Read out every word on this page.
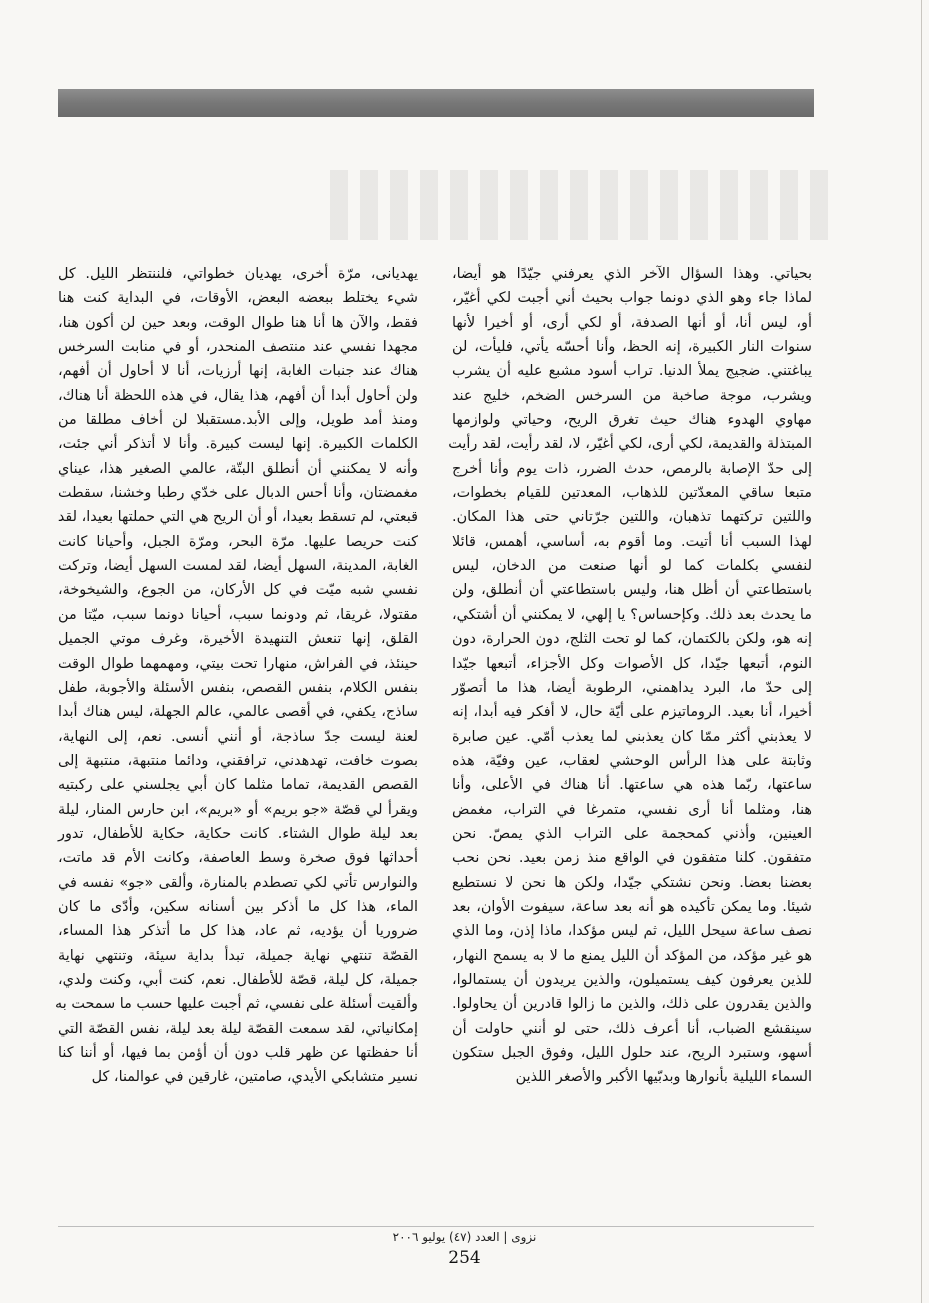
بحياتي. وهذا السؤال الآخر الذي يعرفني جيّدًا هو أيضا،
لماذا جاء وهو الذي دونما جواب بحيث أني أجبت لكي أغيّر،
أو، ليس أنا، أو أنها الصدفة، أو لكي أرى، أو أخيرا لأنها
سنوات النار الكبيرة، إنه الحظ، وأنا أحسّه يأتي، فليأت، لن
يباغتني. ضجيج يملأ الدنيا. تراب أسود مشبع عليه أن يشرب
ويشرب، موجة صاخبة من السرخس الضخم، خليج عند
مهاوي الهدوء هناك حيث تغرق الريح، وحياتي ولوازمها
المبتذلة والقديمة، لكي أرى، لكي أغيّر، لا، لقد رأيت، لقد رأيت
إلى حدّ الإصابة بالرمص، حدث الضرر، ذات يوم وأنا أخرج
متبعا ساقي المعدّتين للذهاب، المعدتين للقيام بخطوات،
واللتين تركتهما تذهبان، واللتين جرّتاني حتى هذا المكان.
لهذا السبب أنا أتيت. وما أقوم به، أساسي، أهمس، قائلا
لنفسي بكلمات كما لو أنها صنعت من الدخان، ليس
باستطاعتي أن أظل هنا، وليس باستطاعتي أن أنطلق، ولن
ما يحدث بعد ذلك. وكإحساس؟ يا إلهي، لا يمكنني أن أشتكي،
إنه هو، ولكن بالكتمان، كما لو تحت الثلج، دون الحرارة، دون
النوم، أتبعها جيّدا، كل الأصوات وكل الأجزاء، أتبعها جيّدا
إلى حدّ ما، البرد يداهمني، الرطوبة أيضا، هذا ما أتصوّر
أخيرا، أنا بعيد. الروماتيزم على أيّة حال، لا أفكر فيه أبدا، إنه
لا يعذبني أكثر ممّا كان يعذبني لما يعذب أمّي. عين صابرة
وثابتة على هذا الرأس الوحشي لعقاب، عين وفيّة، هذه
ساعتها، ربّما هذه هي ساعتها. أنا هناك في الأعلى، وأنا
هنا، ومثلما أنا أرى نفسي، متمرغا في التراب، مغمض
العينين، وأذني كمحجمة على التراب الذي يمصّ. نحن
متفقون. كلنا متفقون في الواقع منذ زمن بعيد. نحن نحب
بعضنا بعضا. ونحن نشتكي جيّدا، ولكن ها نحن لا نستطيع
شيئا. وما يمكن تأكيده هو أنه بعد ساعة، سيفوت الأوان، بعد
نصف ساعة سيحل الليل، ثم ليس مؤكدا، ماذا إذن، وما الذي
هو غير مؤكد، من المؤكد أن الليل يمنع ما لا به يسمح النهار،
للذين يعرفون كيف يستميلون، والذين يريدون أن يستمالوا،
والذين يقدرون على ذلك، والذين ما زالوا قادرين أن يحاولوا.
سينقشع الضباب، أنا أعرف ذلك، حتى لو أنني حاولت أن
أسهو، وستبرد الريح، عند حلول الليل، وفوق الجبل ستكون
السماء الليلية بأنوارها وبدبّيها الأكبر والأصغر اللذين
يهديانى، مرّة أخرى، يهديان خطواتي، فلننتظر الليل. كل
شيء يختلط ببعضه البعض، الأوقات، في البداية كنت هنا
فقط، والآن ها أنا هنا طوال الوقت، وبعد حين لن أكون هنا،
مجهدا نفسي عند منتصف المنحدر، أو في منابت السرخس
هناك عند جنبات الغابة، إنها أرزيات، أنا لا أحاول أن أفهم،
ولن أحاول أبدا أن أفهم، هذا يقال، في هذه اللحظة أنا هناك،
ومنذ أمد طويل، وإلى الأبد.مستقبلا لن أخاف مطلقا من
الكلمات الكبيرة. إنها ليست كبيرة. وأنا لا أتذكر أني جئت،
وأنه لا يمكنني أن أنطلق البتّة، عالمي الصغير هذا، عيناي
مغمضتان، وأنا أحس الدبال على خدّي رطبا وخشنا، سقطت
قبعتي، لم تسقط بعيدا، أو أن الريح هي التي حملتها بعيدا، لقد
كنت حريصا عليها. مرّة البحر، ومرّة الجبل، وأحيانا كانت
الغابة، المدينة، السهل أيضا، لقد لمست السهل أيضا، وتركت
نفسي شبه ميّت في كل الأركان، من الجوع، والشيخوخة،
مقتولا، غريقا، ثم ودونما سبب، أحيانا دونما سبب، ميّتا من
القلق، إنها تنعش التنهيدة الأخيرة، وغرف موتي الجميل
حينئذ، في الفراش، منهارا تحت بيتي، ومهمهما طوال الوقت
بنفس الكلام، بنفس القصص، بنفس الأسئلة والأجوبة، طفل
ساذج، يكفي، في أقصى عالمي، عالم الجهلة، ليس هناك أبدا
لعنة ليست جدّ ساذجة، أو أنني أنسى. نعم، إلى النهاية،
بصوت خافت، تهدهدني، ترافقني، ودائما منتبهة، منتبهة إلى
القصص القديمة، تماما مثلما كان أبي يجلسني على ركبتيه
ويقرأ لي قصّة «جو بريم» أو «بريم»، ابن حارس المنار، ليلة
بعد ليلة طوال الشتاء. كانت حكاية، حكاية للأطفال، تدور
أحداثها فوق صخرة وسط العاصفة، وكانت الأم قد ماتت،
والنوارس تأتي لكي تصطدم بالمنارة، وألقى «جو» نفسه في
الماء، هذا كل ما أذكر بين أسنانه سكين، وأدّى ما كان
ضروريا أن يؤديه، ثم عاد، هذا كل ما أتذكر هذا المساء،
القصّة تنتهي نهاية جميلة، تبدأ بداية سيئة، وتنتهي نهاية
جميلة، كل ليلة، قصّة للأطفال. نعم، كنت أبي، وكنت ولدي،
وألقيت أسئلة على نفسي، ثم أجبت عليها حسب ما سمحت به
إمكانياتي، لقد سمعت القصّة ليلة بعد ليلة، نفس القصّة التي
أنا حفظتها عن ظهر قلب دون أن أؤمن بما فيها، أو أننا كنا
نسير متشابكي الأيدي، صامتين، غارقين في عوالمنا، كل
نزوى | العدد (٤٧) يوليو ٢٠٠٦
254
